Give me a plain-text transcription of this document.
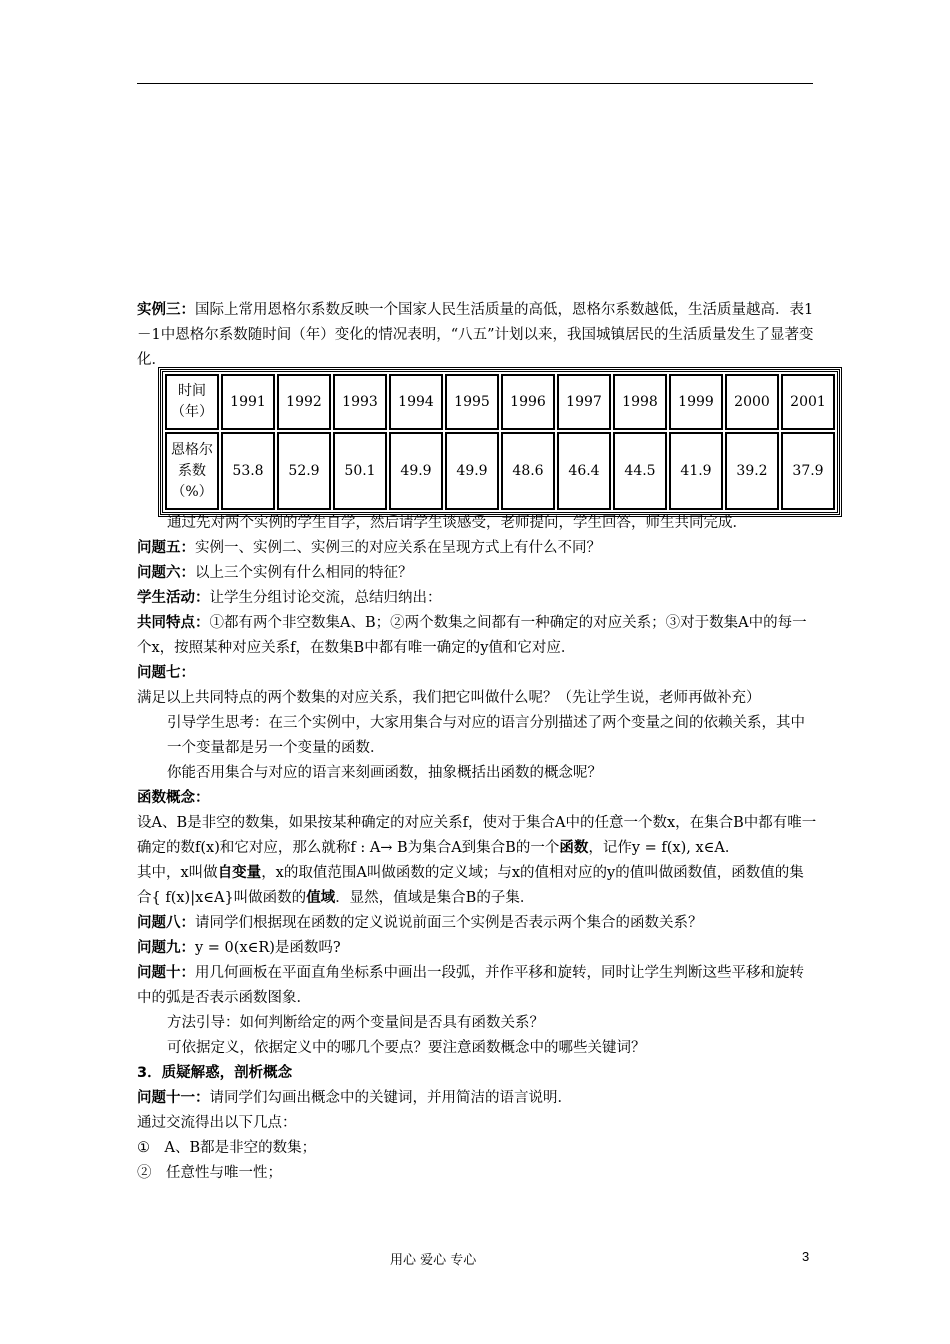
实例三：国际上常用恩格尔系数反映一个国家人民生活质量的高低，恩格尔系数越低，生活质量越高．表1－1中恩格尔系数随时间（年）变化的情况表明，“八五”计划以来，我国城镇居民的生活质量发生了显著变化．
时间
（年）	1991	1992	1993	1994	1995	1996	1997	1998	1999	2000	2001

恩格尔
系数
（%）	53.8	52.9	50.1	49.9	49.9	48.6	46.4	44.5	41.9	39.2	37.9
通过先对两个实例的学生自学，然后请学生谈感受，老师提问，学生回答，师生共同完成．
问题五：实例一、实例二、实例三的对应关系在呈现方式上有什么不同？
问题六：以上三个实例有什么相同的特征？
学生活动：让学生分组讨论交流，总结归纳出：
共同特点：①都有两个非空数集A、B；②两个数集之间都有一种确定的对应关系；③对于数集A中的每一个x，按照某种对应关系f，在数集B中都有唯一确定的y值和它对应．
问题七：满足以上共同特点的两个数集的对应关系，我们把它叫做什么呢？（先让学生说，老师再做补充）
引导学生思考：在三个实例中，大家用集合与对应的语言分别描述了两个变量之间的依赖关系，其中一个变量都是另一个变量的函数．
你能否用集合与对应的语言来刻画函数，抽象概括出函数的概念呢？
函数概念：
设A、B是非空的数集，如果按某种确定的对应关系f，使对于集合A中的任意一个数x，在集合B中都有唯一确定的数f(x)和它对应，那么就称f : A→ B为集合A到集合B的一个函数，记作y = f(x), x∈A．
其中，x叫做自变量，x的取值范围A叫做函数的定义域；与x的值相对应的y的值叫做函数值，函数值的集合{ f(x)|x∈A}叫做函数的值域．显然，值域是集合B的子集．
问题八：请同学们根据现在函数的定义说说前面三个实例是否表示两个集合的函数关系？
问题九：y = 0(x∈R)是函数吗?
问题十：用几何画板在平面直角坐标系中画出一段弧，并作平移和旋转，同时让学生判断这些平移和旋转中的弧是否表示函数图象．
方法引导：如何判断给定的两个变量间是否具有函数关系？
可依据定义，依据定义中的哪几个要点？要注意函数概念中的哪些关键词？
3．质疑解惑，剖析概念
问题十一：请同学们勾画出概念中的关键词，并用简洁的语言说明．
通过交流得出以下几点：
①　A、B都是非空的数集；
②　任意性与唯一性；
用心 爱心 专心	3
